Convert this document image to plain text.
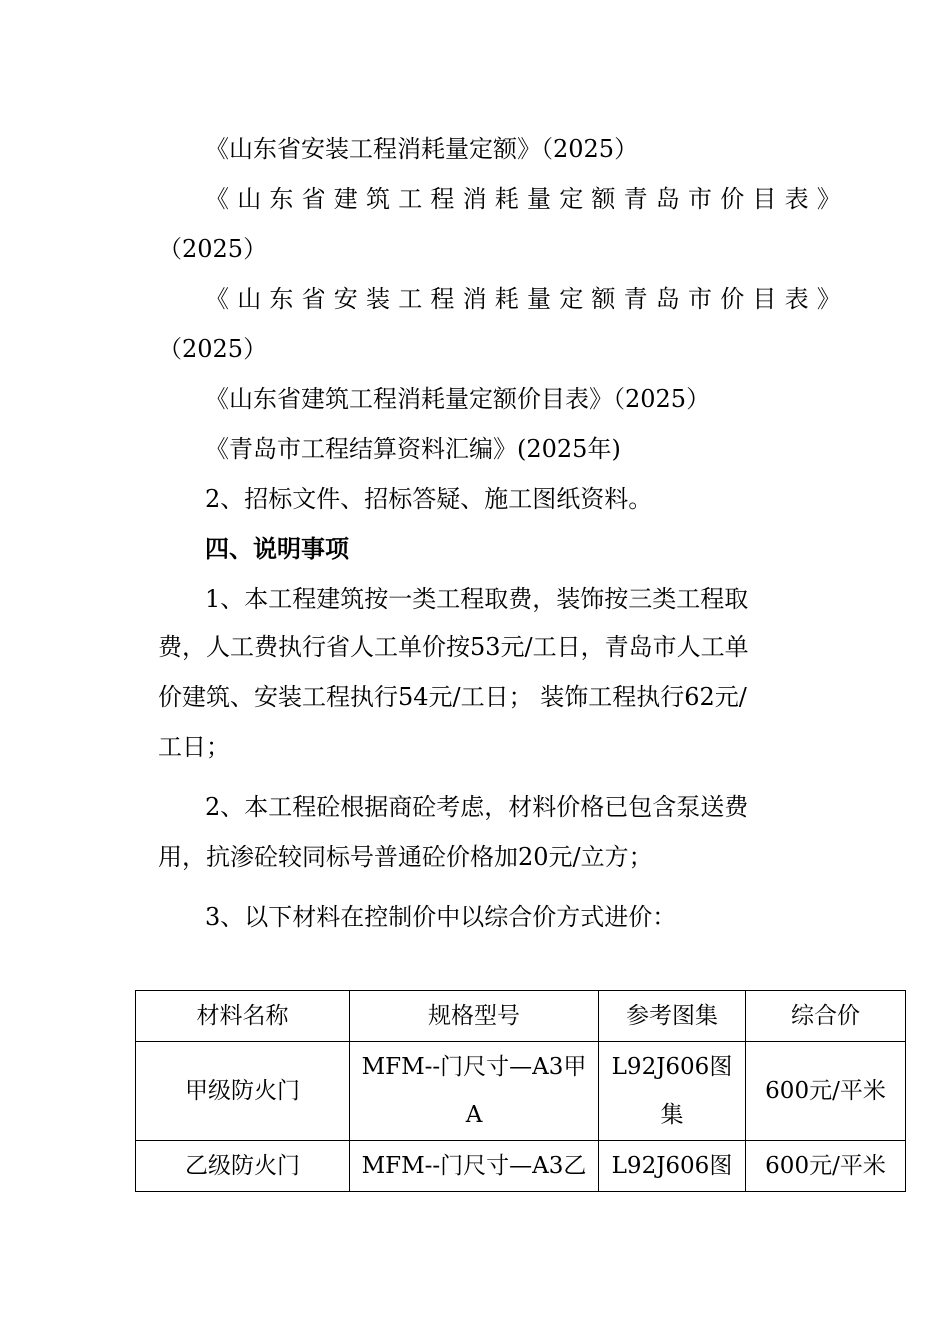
《山东省安装工程消耗量定额》（2025）
《山东省建筑工程消耗量定额青岛市价目表》
（2025）
《山东省安装工程消耗量定额青岛市价目表》
（2025）
《山东省建筑工程消耗量定额价目表》（2025）
《青岛市工程结算资料汇编》(2025年)
2、招标文件、招标答疑、施工图纸资料。
四、说明事项
1、本工程建筑按一类工程取费，装饰按三类工程取
费，人工费执行省人工单价按53元/工日，青岛市人工单
价建筑、安装工程执行54元/工日； 装饰工程执行62元/
工日；
2、本工程砼根据商砼考虑，材料价格已包含泵送费
用，抗渗砼较同标号普通砼价格加20元/立方；
3、以下材料在控制价中以综合价方式进价：
材料名称	规格型号	参考图集	综合价
甲级防火门	MFM--门尺寸—A3甲A	L92J606图集	600元/平米
乙级防火门	MFM--门尺寸—A3乙	L92J606图	600元/平米
